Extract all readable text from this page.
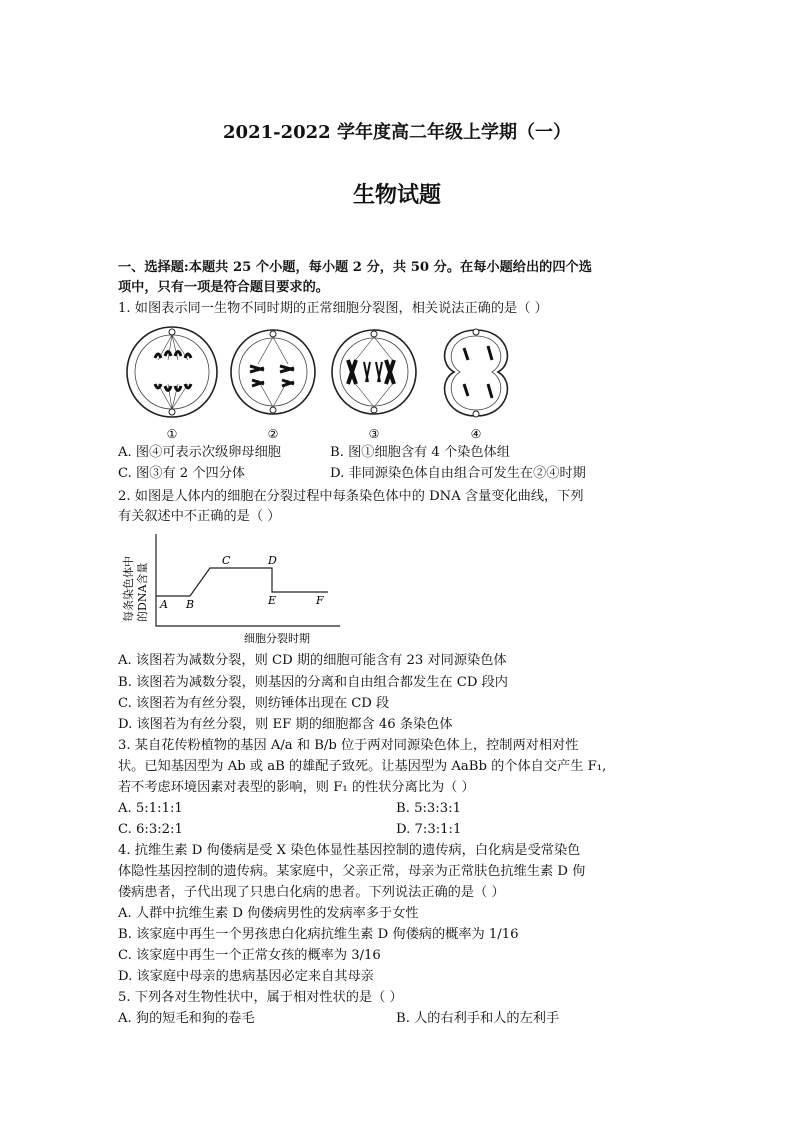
2021-2022 学年度高二年级上学期（一）
生物试题
一、选择题:本题共 25 个小题，每小题 2 分，共 50 分。在每小题给出的四个选
项中，只有一项是符合题目要求的。
1. 如图表示同一生物不同时期的正常细胞分裂图，相关说法正确的是（ ）
①	②	③	④
A. 图④可表示次级卵母细胞	B. 图①细胞含有 4 个染色体组
C. 图③有 2 个四分体	D. 非同源染色体自由组合可发生在②④时期
2. 如图是人体内的细胞在分裂过程中每条染色体中的 DNA 含量变化曲线，下列
有关叙述中不正确的是（ ）
每条染色体中 的DNA含量 A B
C	D
E	F
细胞分裂时期
A. 该图若为减数分裂，则 CD 期的细胞可能含有 23 对同源染色体
B. 该图若为减数分裂，则基因的分离和自由组合都发生在 CD 段内
C. 该图若为有丝分裂，则纺锤体出现在 CD 段
D. 该图若为有丝分裂，则 EF 期的细胞都含 46 条染色体
3. 某自花传粉植物的基因 A/a 和 B/b 位于两对同源染色体上，控制两对相对性
状。已知基因型为 Ab 或 aB 的雄配子致死。让基因型为 AaBb 的个体自交产生 F₁,
若不考虑环境因素对表型的影响，则 F₁ 的性状分离比为（ ）
A. 5:1:1:1	B. 5:3:3:1
C. 6:3:2:1	D. 7:3:1:1
4. 抗维生素 D 佝偻病是受 X 染色体显性基因控制的遗传病，白化病是受常染色
体隐性基因控制的遗传病。某家庭中，父亲正常，母亲为正常肤色抗维生素 D 佝
偻病患者，子代出现了只患白化病的患者。下列说法正确的是（ ）
A. 人群中抗维生素 D 佝偻病男性的发病率多于女性
B. 该家庭中再生一个男孩患白化病抗维生素 D 佝偻病的概率为 1/16
C. 该家庭中再生一个正常女孩的概率为 3/16
D. 该家庭中母亲的患病基因必定来自其母亲
5. 下列各对生物性状中，属于相对性状的是（ ）
A. 狗的短毛和狗的卷毛	B. 人的右利手和人的左利手
